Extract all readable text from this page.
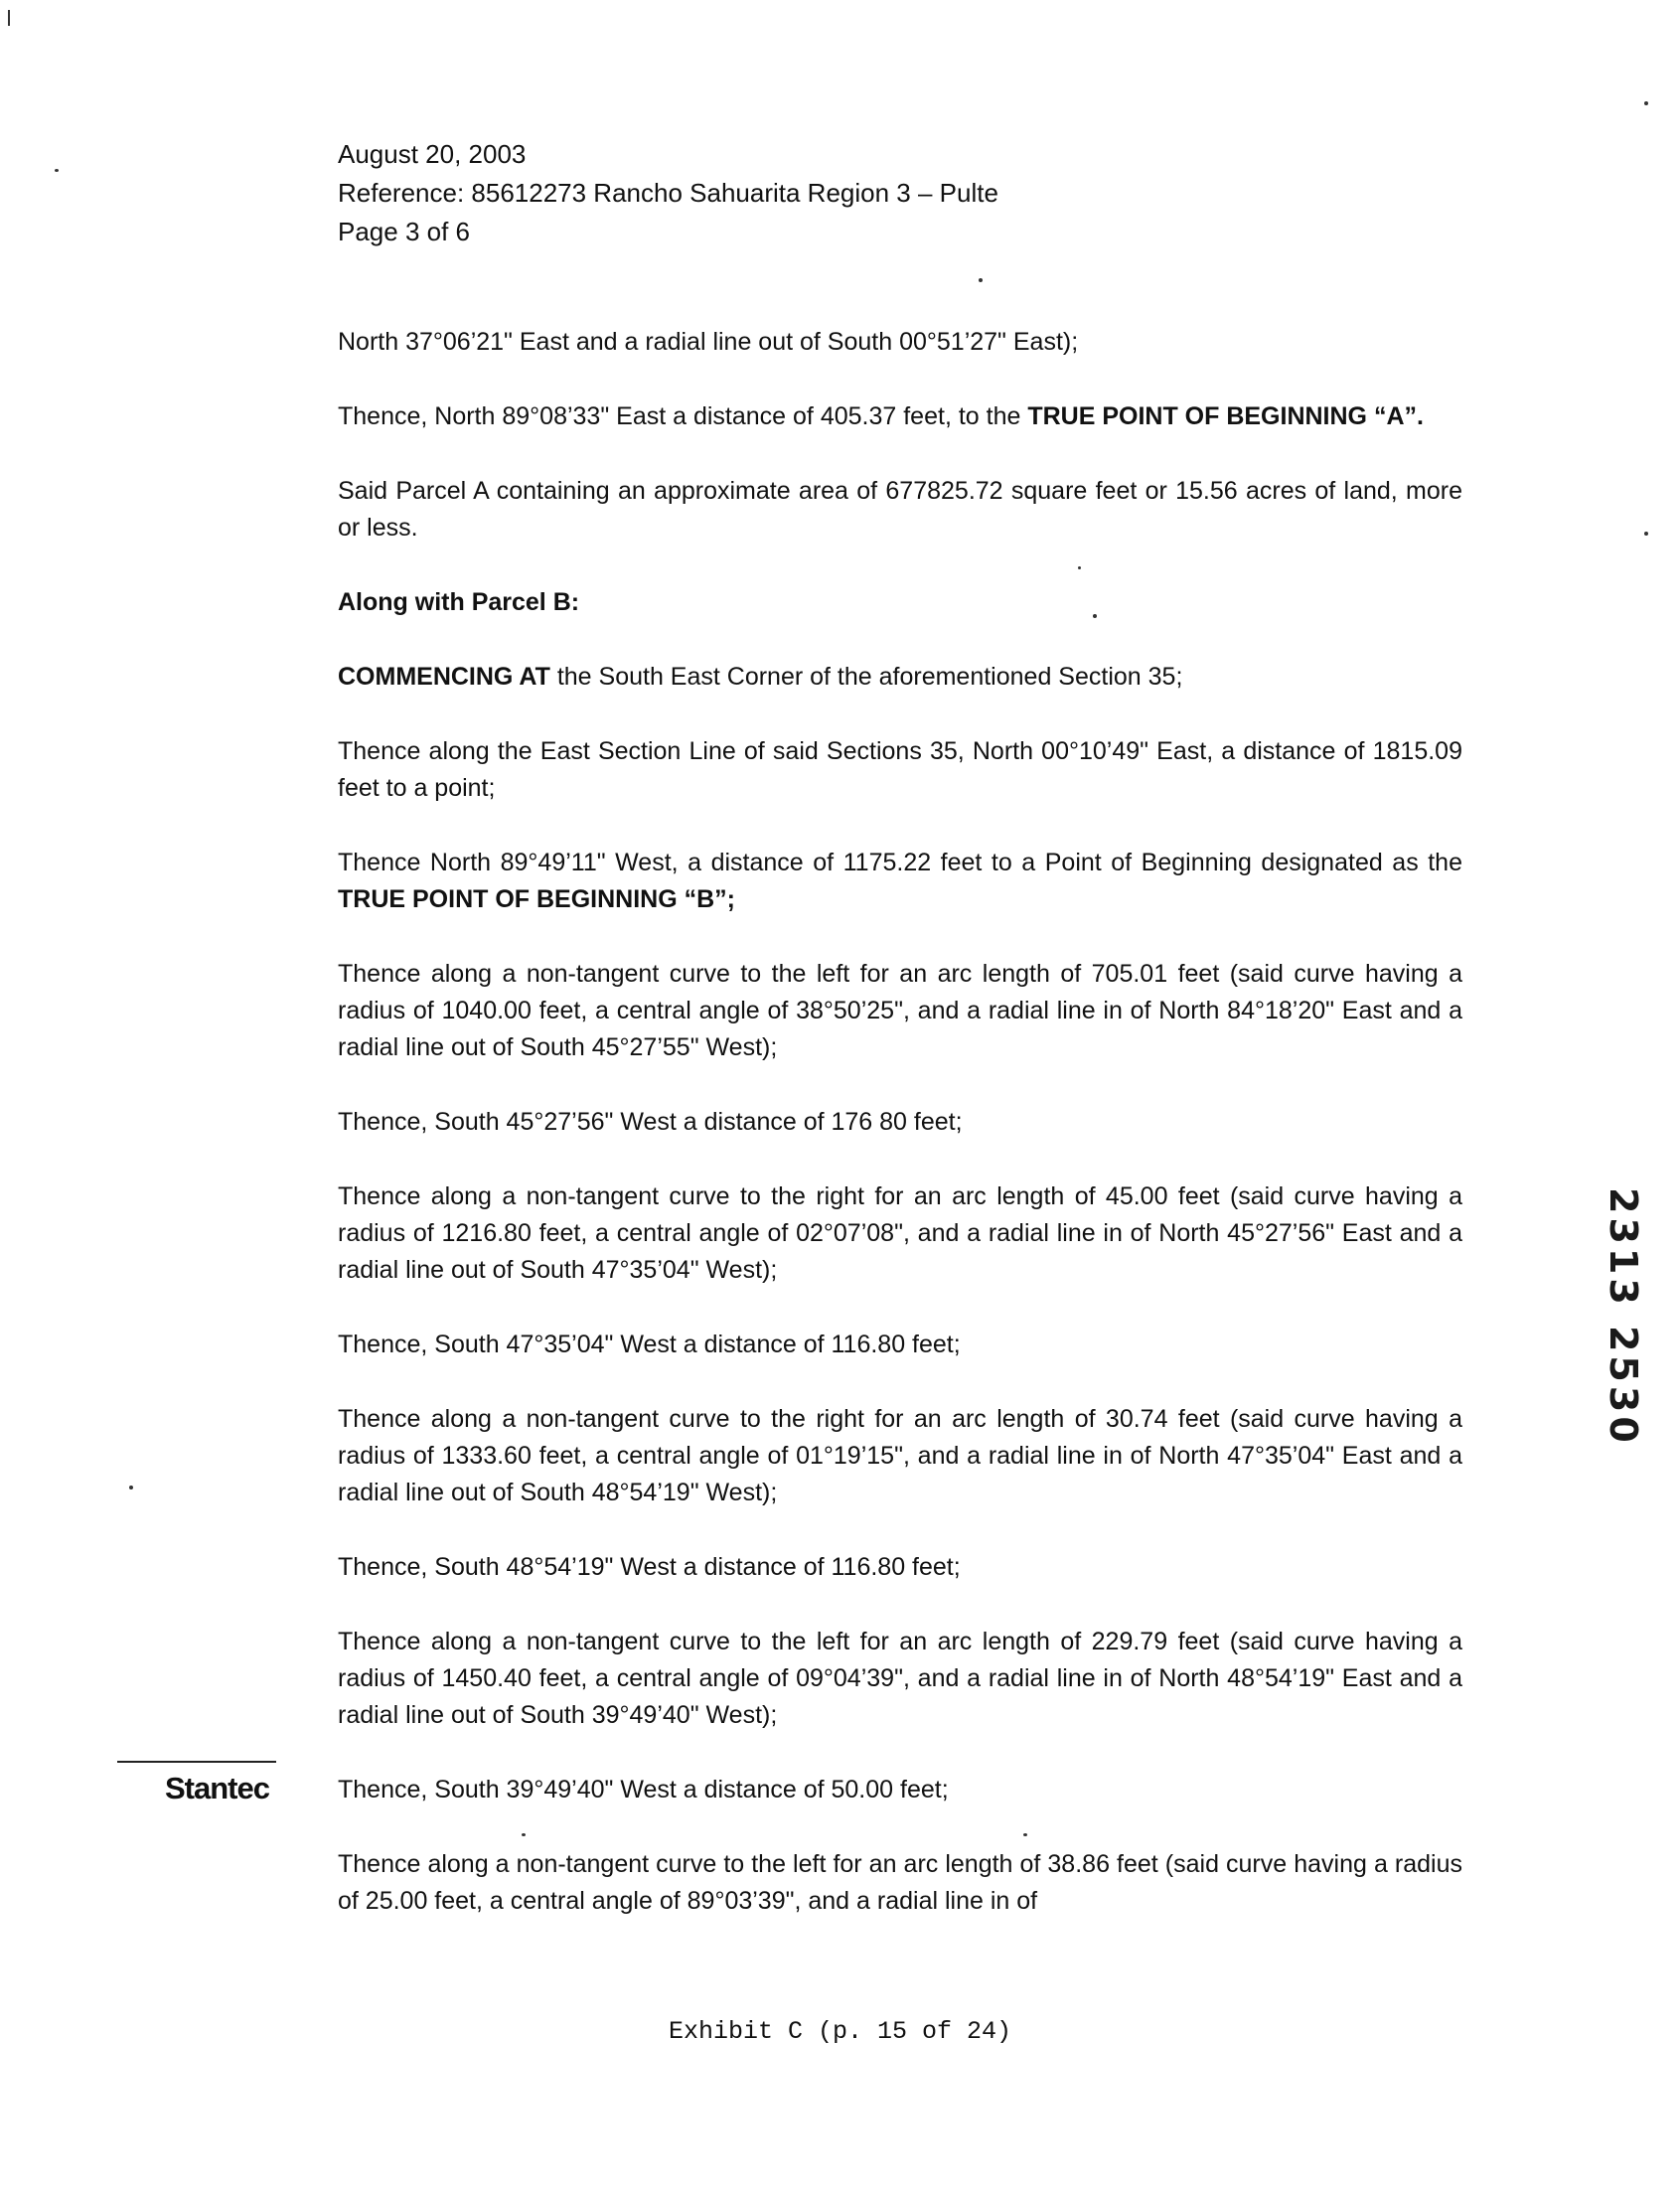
August 20, 2003
Reference: 85612273 Rancho Sahuarita Region 3 – Pulte
Page 3 of 6

North 37°06’21" East and a radial line out of South 00°51’27" East);

Thence, North 89°08’33" East a distance of 405.37 feet, to the TRUE POINT OF BEGINNING “A”.

Said Parcel A containing an approximate area of 677825.72 square feet or 15.56 acres of land, more or less.

Along with Parcel B:

COMMENCING AT the South East Corner of the aforementioned Section 35;

Thence along the East Section Line of said Sections 35, North 00°10’49" East, a distance of 1815.09 feet to a point;

Thence North 89°49’11" West, a distance of 1175.22 feet to a Point of Beginning designated as the TRUE POINT OF BEGINNING “B”;

Thence along a non-tangent curve to the left for an arc length of 705.01 feet (said curve having a radius of 1040.00 feet, a central angle of 38°50’25", and a radial line in of North 84°18’20" East and a radial line out of South 45°27’55" West);

Thence, South 45°27’56" West a distance of 176 80 feet;

Thence along a non-tangent curve to the right for an arc length of 45.00 feet (said curve having a radius of 1216.80 feet, a central angle of 02°07’08", and a radial line in of North 45°27’56" East and a radial line out of South 47°35’04" West);

Thence, South 47°35’04" West a distance of 116.80 feet;

Thence along a non-tangent curve to the right for an arc length of 30.74 feet (said curve having a radius of 1333.60 feet, a central angle of 01°19’15", and a radial line in of North 47°35’04" East and a radial line out of South 48°54’19" West);

Thence, South 48°54’19" West a distance of 116.80 feet;

Thence along a non-tangent curve to the left for an arc length of 229.79 feet (said curve having a radius of 1450.40 feet, a central angle of 09°04’39", and a radial line in of North 48°54’19" East and a radial line out of South 39°49’40" West);

Thence, South 39°49’40" West a distance of 50.00 feet;

Thence along a non-tangent curve to the left for an arc length of 38.86 feet (said curve having a radius of 25.00 feet, a central angle of 89°03’39", and a radial line in of

Stantec
2313 2530
Exhibit C (p. 15 of 24)
